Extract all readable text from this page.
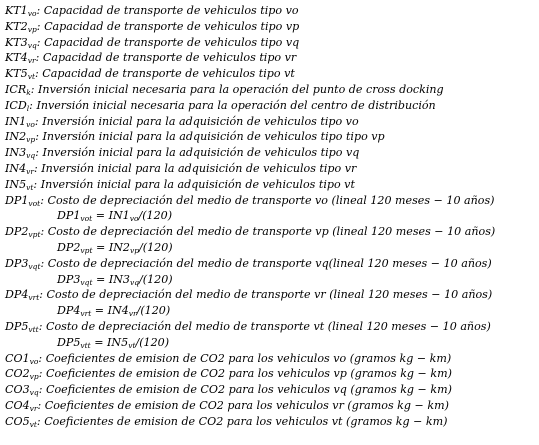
$KT1_{vo}$: Capacidad de transporte de vehiculos tipo vo
$KT2_{vp}$: Capacidad de transporte de vehiculos tipo vp
$KT3_{vq}$: Capacidad de transporte de vehiculos tipo vq
$KT4_{vr}$: Capacidad de transporte de vehiculos tipo vr
$KT5_{vt}$: Capacidad de transporte de vehiculos tipo vt
$ICR_k$: Inversión inicial necesaria para la operación del punto de cross docking
$ICD_l$: Inversión inicial necesaria para la operación del centro de distribución
$IN1_{vo}$: Inversión inicial para la adquisición de vehiculos tipo vo
$IN2_{vp}$: Inversión inicial para la adquisición de vehiculos tipo tipo vp
$IN3_{vq}$: Inversión inicial para la adquisición de vehiculos tipo vq
$IN4_{vr}$: Inversión inicial para la adquisición de vehiculos tipo vr
$IN5_{vt}$: Inversión inicial para la adquisición de vehiculos tipo vt
$DP1_{vot}$: Costo de depreciación del medio de transporte vo (lineal 120 meses − 10 años)
$DP1_{vot} = IN1_{vo}/(120)$
$DP2_{vpt}$: Costo de depreciación del medio de transporte vp (lineal 120 meses − 10 años)
$DP2_{vpt} = IN2_{vp}/(120)$
$DP3_{vqt}$: Costo de depreciación del medio de transporte vq(lineal 120 meses − 10 años)
$DP3_{vqt} = IN3_{vq}/(120)$
$DP4_{vrt}$: Costo de depreciación del medio de transporte vr (lineal 120 meses − 10 años)
$DP4_{vrt} = IN4_{vr}/(120)$
$DP5_{vtt}$: Costo de depreciación del medio de transporte vt (lineal 120 meses − 10 años)
$DP5_{vtt} = IN5_{vt}/(120)$
$CO1_{vo}$: Coeficientes de emision de CO2 para los vehiculos vo (gramos kg − km)
$CO2_{vp}$: Coeficientes de emision de CO2 para los vehiculos vp (gramos kg − km)
$CO3_{vq}$: Coeficientes de emision de CO2 para los vehiculos vq (gramos kg − km)
$CO4_{vr}$: Coeficientes de emision de CO2 para los vehiculos vr (gramos kg − km)
$CO5_{vt}$: Coeficientes de emision de CO2 para los vehiculos vt (gramos kg − km)
